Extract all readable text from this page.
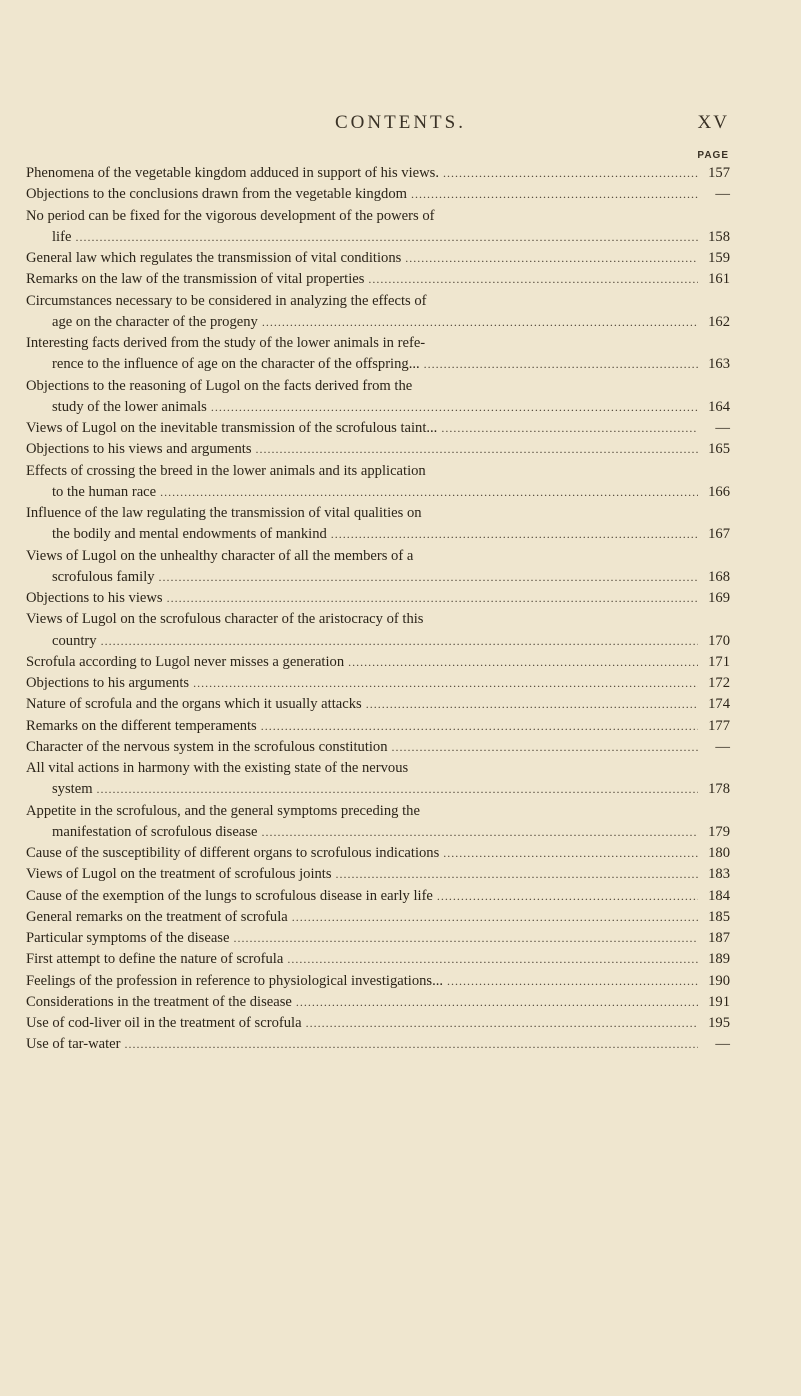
CONTENTS.	XV
PAGE
Phenomena of the vegetable kingdom adduced in support of his views. .....	157
Objections to the conclusions drawn from the vegetable kingdom .....	—
No period can be fixed for the vigorous development of the powers of
life .....	158
General law which regulates the transmission of vital conditions .....	159
Remarks on the law of the transmission of vital properties .....	161
Circumstances necessary to be considered in analyzing the effects of
age on the character of the progeny .....	162
Interesting facts derived from the study of the lower animals in refe-
rence to the influence of age on the character of the offspring... .....	163
Objections to the reasoning of Lugol on the facts derived from the
study of the lower animals .....	164
Views of Lugol on the inevitable transmission of the scrofulous taint... .....	—
Objections to his views and arguments .....	165
Effects of crossing the breed in the lower animals and its application
to the human race .....	166
Influence of the law regulating the transmission of vital qualities on
the bodily and mental endowments of mankind .....	167
Views of Lugol on the unhealthy character of all the members of a
scrofulous family .....	168
Objections to his views .....	169
Views of Lugol on the scrofulous character of the aristocracy of this
country .....	170
Scrofula according to Lugol never misses a generation .....	171
Objections to his arguments .....	172
Nature of scrofula and the organs which it usually attacks .....	174
Remarks on the different temperaments .....	177
Character of the nervous system in the scrofulous constitution .....	—
All vital actions in harmony with the existing state of the nervous
system .....	178
Appetite in the scrofulous, and the general symptoms preceding the
manifestation of scrofulous disease .....	179
Cause of the susceptibility of different organs to scrofulous indications .....	180
Views of Lugol on the treatment of scrofulous joints .....	183
Cause of the exemption of the lungs to scrofulous disease in early life .....	184
General remarks on the treatment of scrofula .....	185
Particular symptoms of the disease .....	187
First attempt to define the nature of scrofula .....	189
Feelings of the profession in reference to physiological investigations... .....	190
Considerations in the treatment of the disease .....	191
Use of cod-liver oil in the treatment of scrofula .....	195
Use of tar-water .....	—
